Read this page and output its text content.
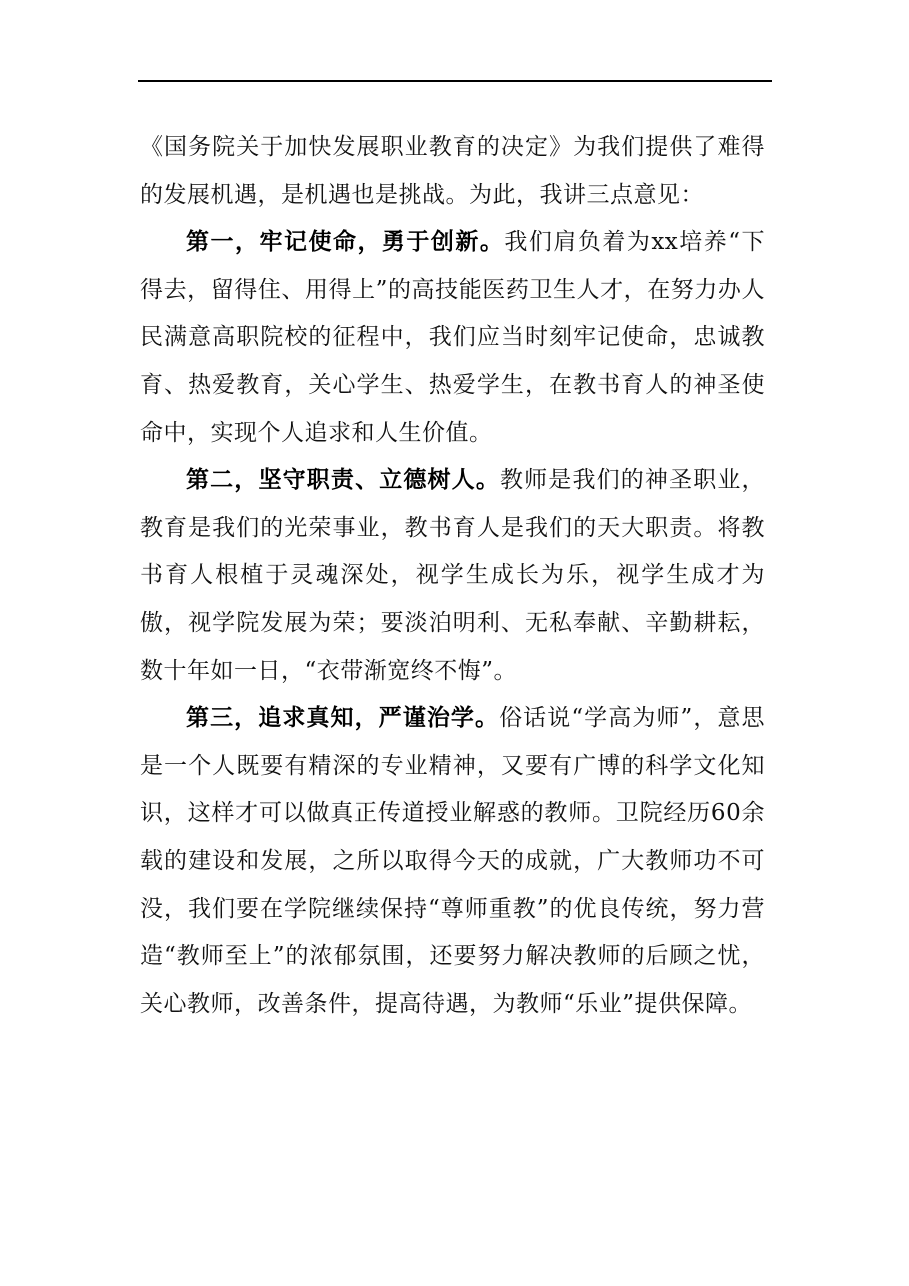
《国务院关于加快发展职业教育的决定》为我们提供了难得的发展机遇，是机遇也是挑战。为此，我讲三点意见：

第一，牢记使命，勇于创新。我们肩负着为xx培养“下得去，留得住、用得上”的高技能医药卫生人才，在努力办人民满意高职院校的征程中，我们应当时刻牢记使命，忠诚教育、热爱教育，关心学生、热爱学生，在教书育人的神圣使命中，实现个人追求和人生价值。

第二，坚守职责、立德树人。教师是我们的神圣职业，教育是我们的光荣事业，教书育人是我们的天大职责。将教书育人根植于灵魂深处，视学生成长为乐，视学生成才为傲，视学院发展为荣；要淡泊明利、无私奉献、辛勤耕耘，数十年如一日，“衣带渐宽终不悔”。

第三，追求真知，严谨治学。俗话说“学高为师”，意思是一个人既要有精深的专业精神，又要有广博的科学文化知识，这样才可以做真正传道授业解惑的教师。卫院经历60余载的建设和发展，之所以取得今天的成就，广大教师功不可没，我们要在学院继续保持“尊师重教”的优良传统，努力营造“教师至上”的浓郁氛围，还要努力解决教师的后顾之忧，关心教师，改善条件，提高待遇，为教师“乐业”提供保障。
